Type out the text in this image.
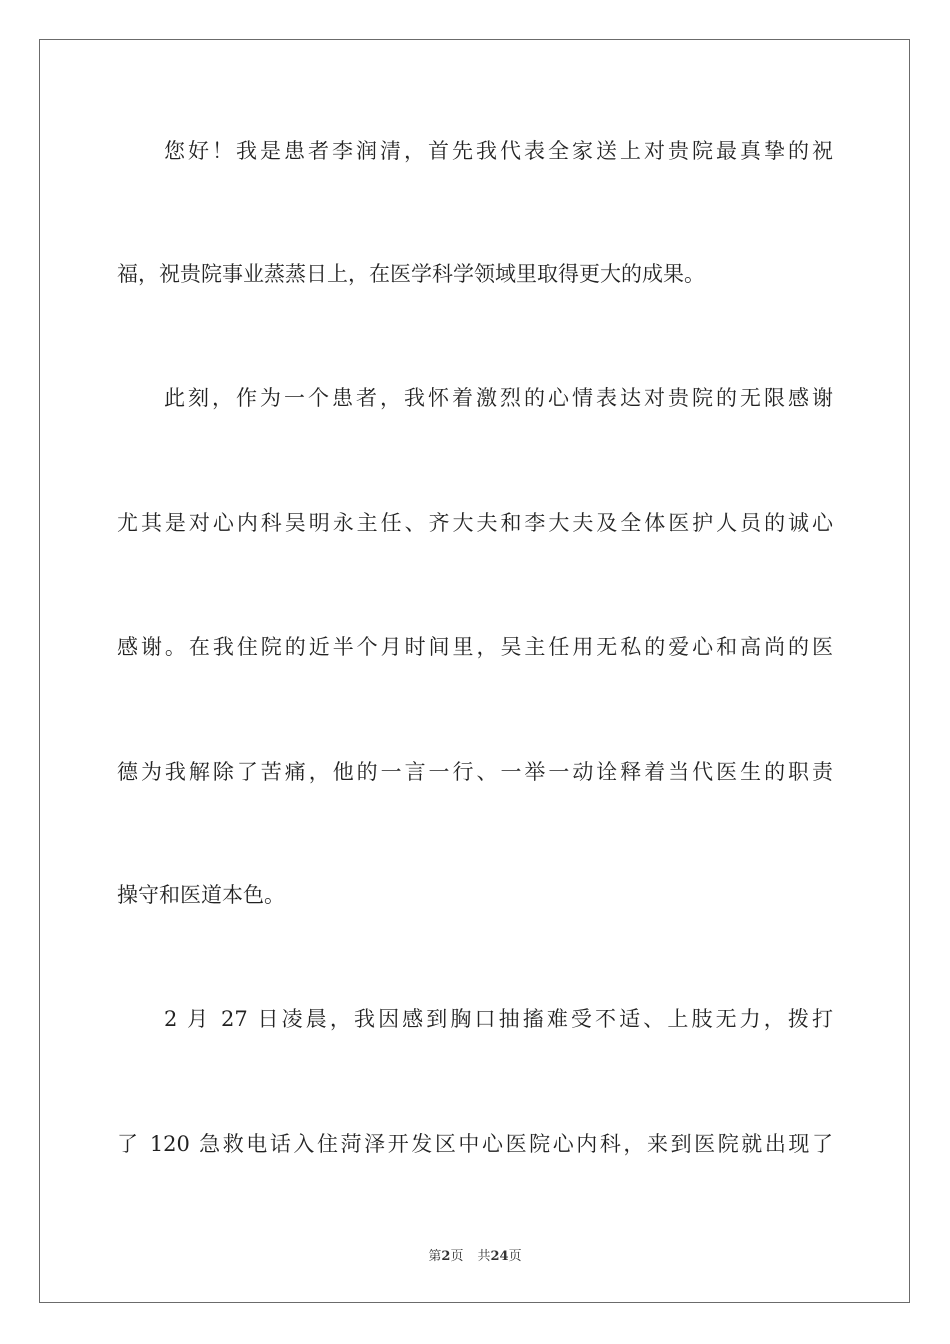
您好！我是患者李润清，首先我代表全家送上对贵院最真挚的祝
福，祝贵院事业蒸蒸日上，在医学科学领域里取得更大的成果。
此刻，作为一个患者，我怀着激烈的心情表达对贵院的无限感谢
尤其是对心内科吴明永主任、齐大夫和李大夫及全体医护人员的诚心
感谢。在我住院的近半个月时间里，吴主任用无私的爱心和高尚的医
德为我解除了苦痛，他的一言一行、一举一动诠释着当代医生的职责
操守和医道本色。
2 月 27 日凌晨，我因感到胸口抽搐难受不适、上肢无力，拨打
了 120 急救电话入住菏泽开发区中心医院心内科，来到医院就出现了
第2页 共24页
